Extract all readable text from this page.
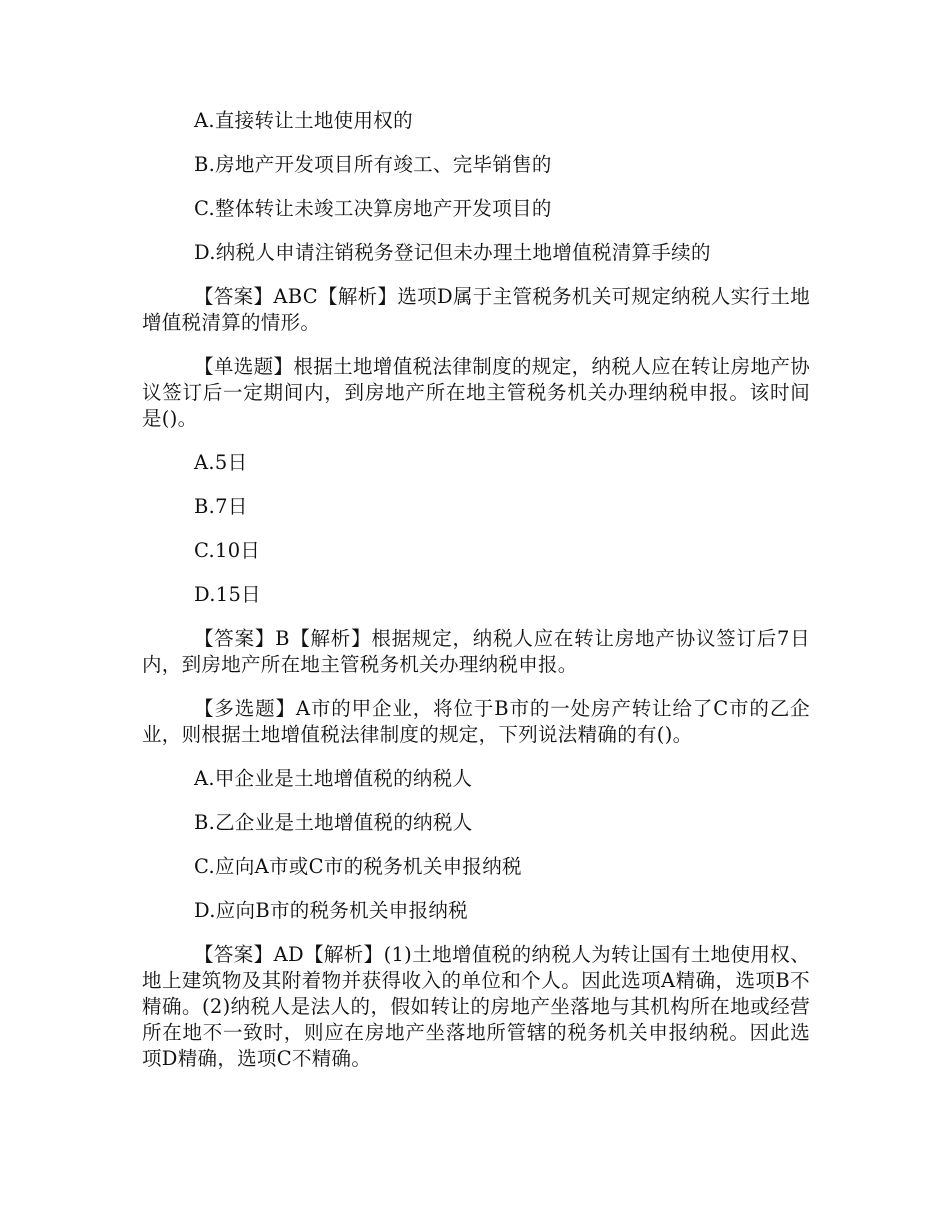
A.直接转让土地使用权的

B.房地产开发项目所有竣工、完毕销售的

C.整体转让未竣工决算房地产开发项目的

D.纳税人申请注销税务登记但未办理土地增值税清算手续的

【答案】ABC【解析】选项D属于主管税务机关可规定纳税人实行土地增值税清算的情形。

【单选题】根据土地增值税法律制度的规定，纳税人应在转让房地产协议签订后一定期间内，到房地产所在地主管税务机关办理纳税申报。该时间是()。

A.5日

B.7日

C.10日

D.15日

【答案】B【解析】根据规定，纳税人应在转让房地产协议签订后7日内，到房地产所在地主管税务机关办理纳税申报。

【多选题】A市的甲企业，将位于B市的一处房产转让给了C市的乙企业，则根据土地增值税法律制度的规定，下列说法精确的有()。

A.甲企业是土地增值税的纳税人

B.乙企业是土地增值税的纳税人

C.应向A市或C市的税务机关申报纳税

D.应向B市的税务机关申报纳税

【答案】AD【解析】(1)土地增值税的纳税人为转让国有土地使用权、地上建筑物及其附着物并获得收入的单位和个人。因此选项A精确，选项B不精确。(2)纳税人是法人的，假如转让的房地产坐落地与其机构所在地或经营所在地不一致时，则应在房地产坐落地所管辖的税务机关申报纳税。因此选项D精确，选项C不精确。
